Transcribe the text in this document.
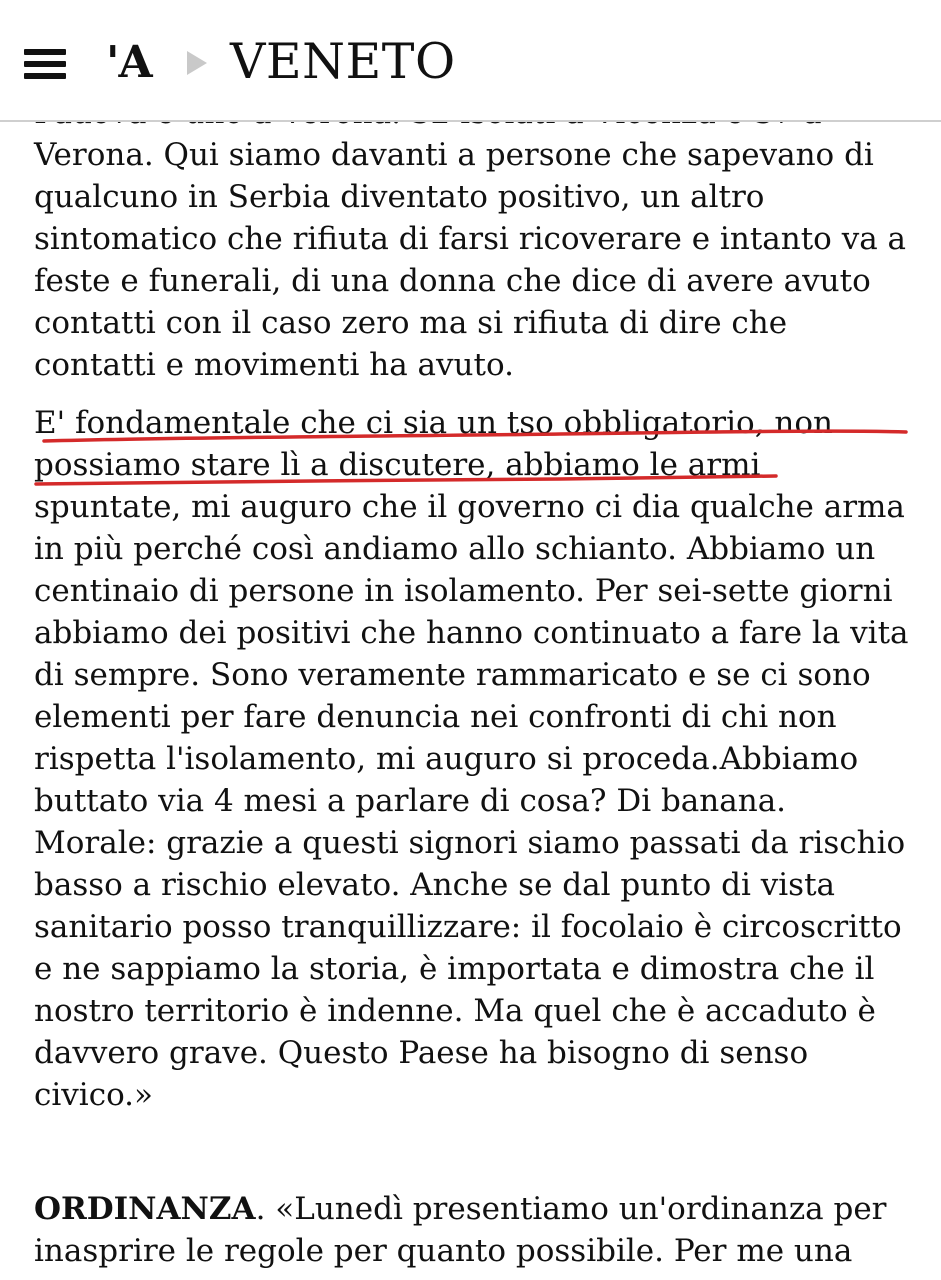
Verona. Qui siamo davanti a persone che sapevano di qualcuno in Serbia diventato positivo, un altro sintomatico che rifiuta di farsi ricoverare e intanto va a feste e funerali, di una donna che dice di avere avuto contatti con il caso zero ma si rifiuta di dire che contatti e movimenti ha avuto.

E' fondamentale che ci sia un tso obbligatorio, non possiamo stare lì a discutere, abbiamo le armi spuntate, mi auguro che il governo ci dia qualche arma in più perché così andiamo allo schianto. Abbiamo un centinaio di persone in isolamento. Per sei-sette giorni abbiamo dei positivi che hanno continuato a fare la vita di sempre. Sono veramente rammaricato e se ci sono elementi per fare denuncia nei confronti di chi non rispetta l'isolamento, mi auguro si proceda.Abbiamo buttato via 4 mesi a parlare di cosa? Di banana. Morale: grazie a questi signori siamo passati da rischio basso a rischio elevato. Anche se dal punto di vista sanitario posso tranquillizzare: il focolaio è circoscritto e ne sappiamo la storia, è importata e dimostra che il nostro territorio è indenne. Ma quel che è accaduto è davvero grave. Questo Paese ha bisogno di senso civico.»

ORDINANZA. «Lunedì presentiamo un'ordinanza per inasprire le regole per quanto possibile. Per me una

'A VENETO
